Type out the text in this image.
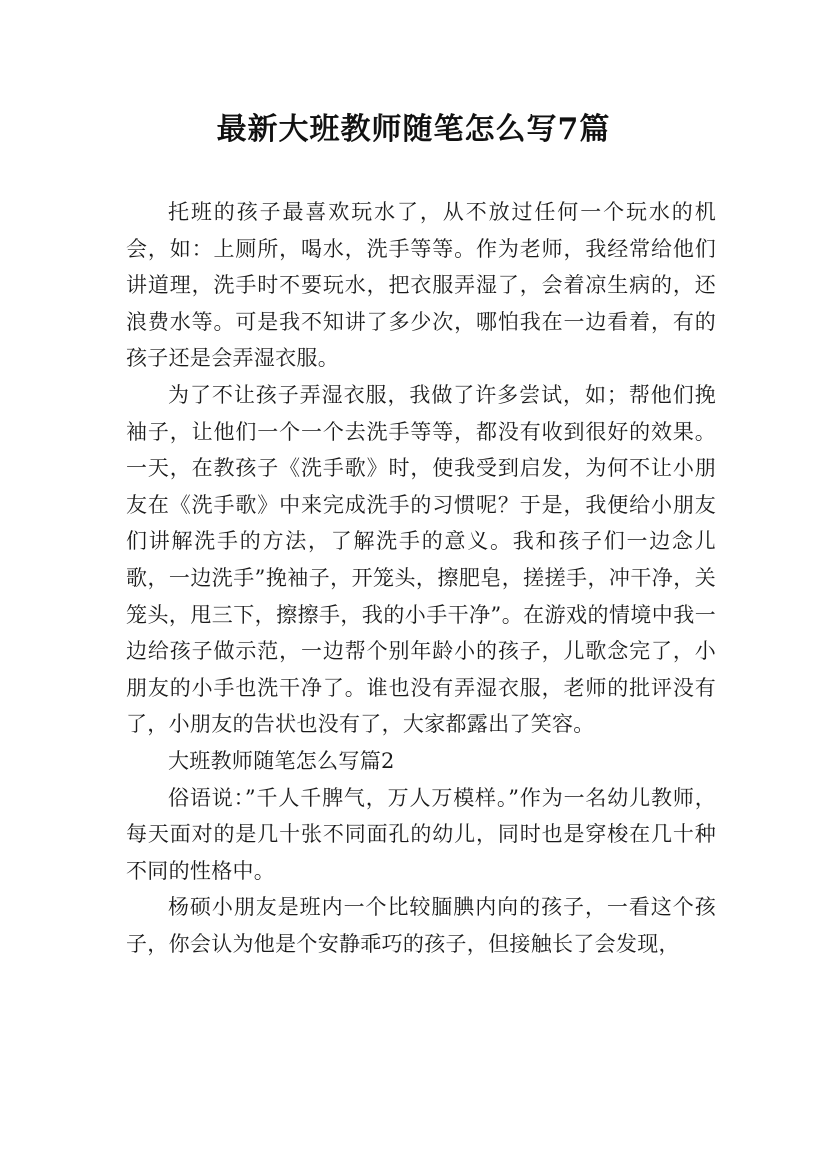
最新大班教师随笔怎么写7篇

托班的孩子最喜欢玩水了，从不放过任何一个玩水的机会，如：上厕所，喝水，洗手等等。作为老师，我经常给他们讲道理，洗手时不要玩水，把衣服弄湿了，会着凉生病的，还浪费水等。可是我不知讲了多少次，哪怕我在一边看着，有的孩子还是会弄湿衣服。

为了不让孩子弄湿衣服，我做了许多尝试，如；帮他们挽袖子，让他们一个一个去洗手等等，都没有收到很好的效果。一天，在教孩子《洗手歌》时，使我受到启发，为何不让小朋友在《洗手歌》中来完成洗手的习惯呢？于是，我便给小朋友们讲解洗手的方法，了解洗手的意义。我和孩子们一边念儿歌，一边洗手”挽袖子，开笼头，擦肥皂，搓搓手，冲干净，关笼头，甩三下，擦擦手，我的小手干净”。在游戏的情境中我一边给孩子做示范，一边帮个别年龄小的孩子，儿歌念完了，小朋友的小手也洗干净了。谁也没有弄湿衣服，老师的批评没有了，小朋友的告状也没有了，大家都露出了笑容。

大班教师随笔怎么写篇2

俗语说：”千人千脾气，万人万模样。”作为一名幼儿教师，每天面对的是几十张不同面孔的幼儿，同时也是穿梭在几十种不同的性格中。

杨硕小朋友是班内一个比较腼腆内向的孩子，一看这个孩子，你会认为他是个安静乖巧的孩子，但接触长了会发现，
